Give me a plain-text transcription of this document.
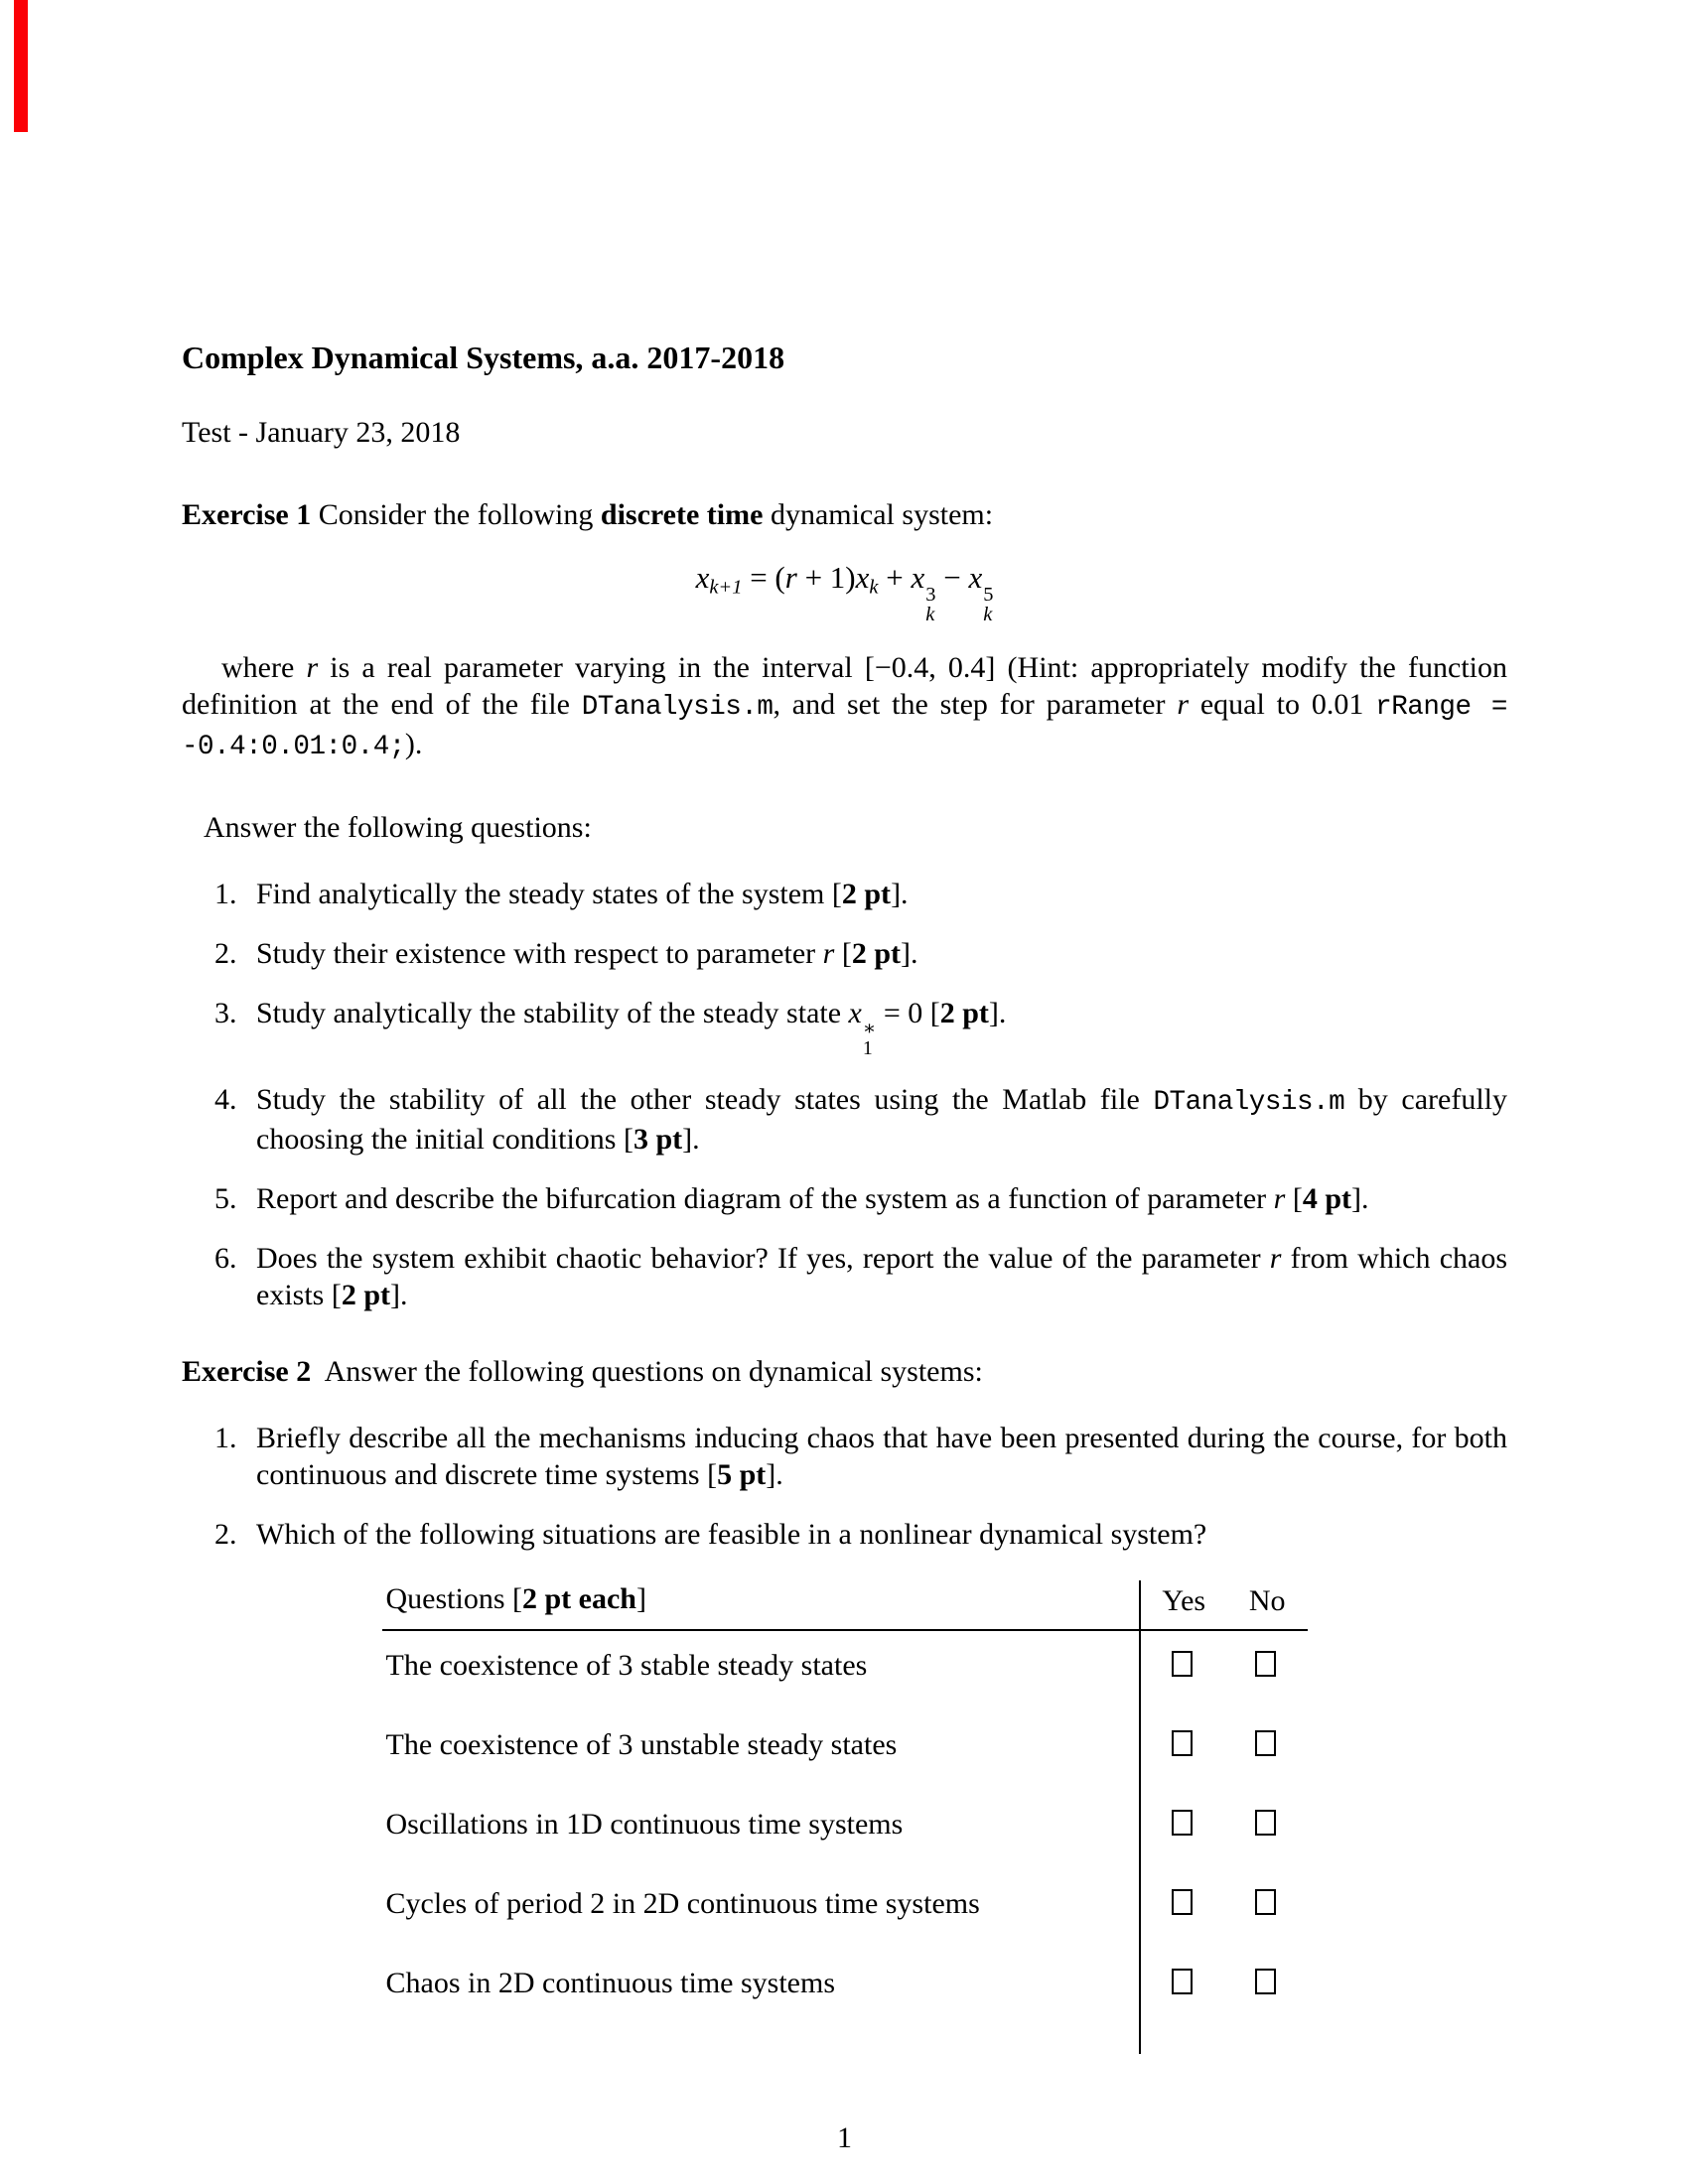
Complex Dynamical Systems, a.a. 2017-2018

Test - January 23, 2018

Exercise 1 Consider the following discrete time dynamical system:

$x_{k+1} = (r + 1)x_k + x$ 3
k
− x 5
k

where r is a real parameter varying in the interval [−0.4, 0.4] (Hint: appropriately modify the function definition at the end of the file DTanalysis.m, and set the step for parameter r equal to 0.01 rRange = -0.4:0.01:0.4;).

Answer the following questions:

1. Find analytically the steady states of the system [2 pt].
2. Study their existence with respect to parameter r [2 pt].
3. Study analytically the stability of the steady state x ∗
1
= 0 [2 pt].
4. Study the stability of all the other steady states using the Matlab file DTanalysis.m by carefully choosing the initial conditions [3 pt].
5. Report and describe the bifurcation diagram of the system as a function of parameter r [4 pt].
6. Does the system exhibit chaotic behavior? If yes, report the value of the parameter r from which chaos exists [2 pt].

Exercise 2  Answer the following questions on dynamical systems:

1. Briefly describe all the mechanisms inducing chaos that have been presented during the course, for both continuous and discrete time systems [5 pt].
2. Which of the following situations are feasible in a nonlinear dynamical system?
Questions [2 pt each]	Yes No
The coexistence of 3 stable steady states
The coexistence of 3 unstable steady states
Oscillations in 1D continuous time systems
Cycles of period 2 in 2D continuous time systems
Chaos in 2D continuous time systems

1
